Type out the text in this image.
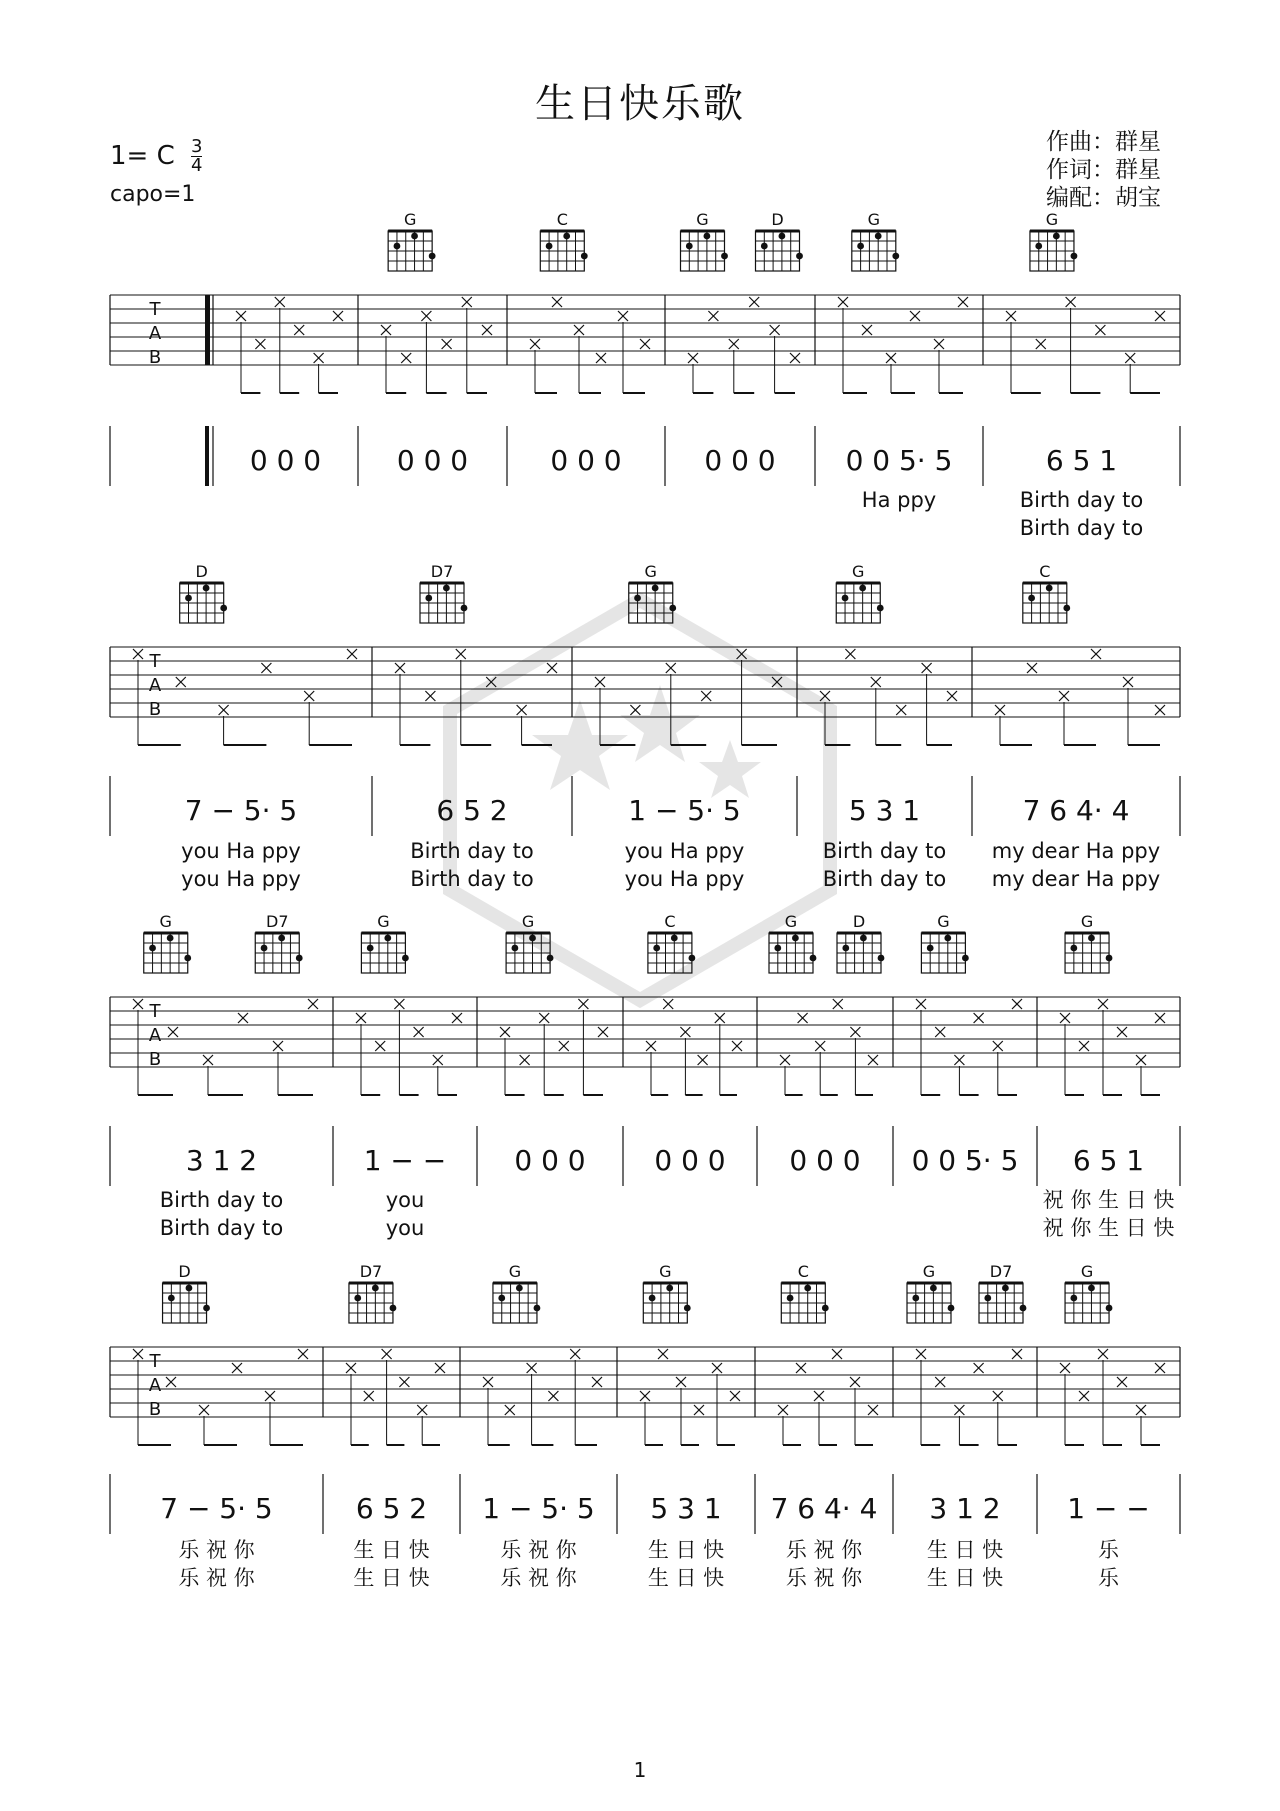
生日快乐歌
1= C $\frac{3}{4}$
capo=1
作曲：群星
作词：群星
编配：胡宝
T
A
B
0 0 0	0 0 0	0 0 0	0 0 0 0 0 5· 5
Ha ppy
6 5 1
Birth day to
Birth day to
G	C	G	D	G	G
T
A
B
7 − 5· 5
you Ha ppy
you Ha ppy
6 5 2
Birth day to
Birth day to
1 − 5· 5
you Ha ppy
you Ha ppy
5 3 1
Birth day to
Birth day to
7 6 4· 4
my dear Ha ppy
my dear Ha ppy
D	D7	G	G	C
T
A
B
3 1 2
Birth day to
Birth day to
1 − −
you
you
0 0 0 0 0 0 0 0 0 0 0 5· 5 6 5 1
祝 你 生 日 快
祝 你 生 日 快
G	D7	G	G	C	G	D	G	G
T
A
B
7 − 5· 5
乐 祝 你
乐 祝 你
6 5 2
生 日 快
生 日 快
1 − 5· 5
乐 祝 你
乐 祝 你
5 3 1
生 日 快
生 日 快
7 6 4· 4
乐 祝 你
乐 祝 你
3 1 2
生 日 快
生 日 快
1 − −
乐
乐
D	D7	G	G	C	G	D7	G
1
